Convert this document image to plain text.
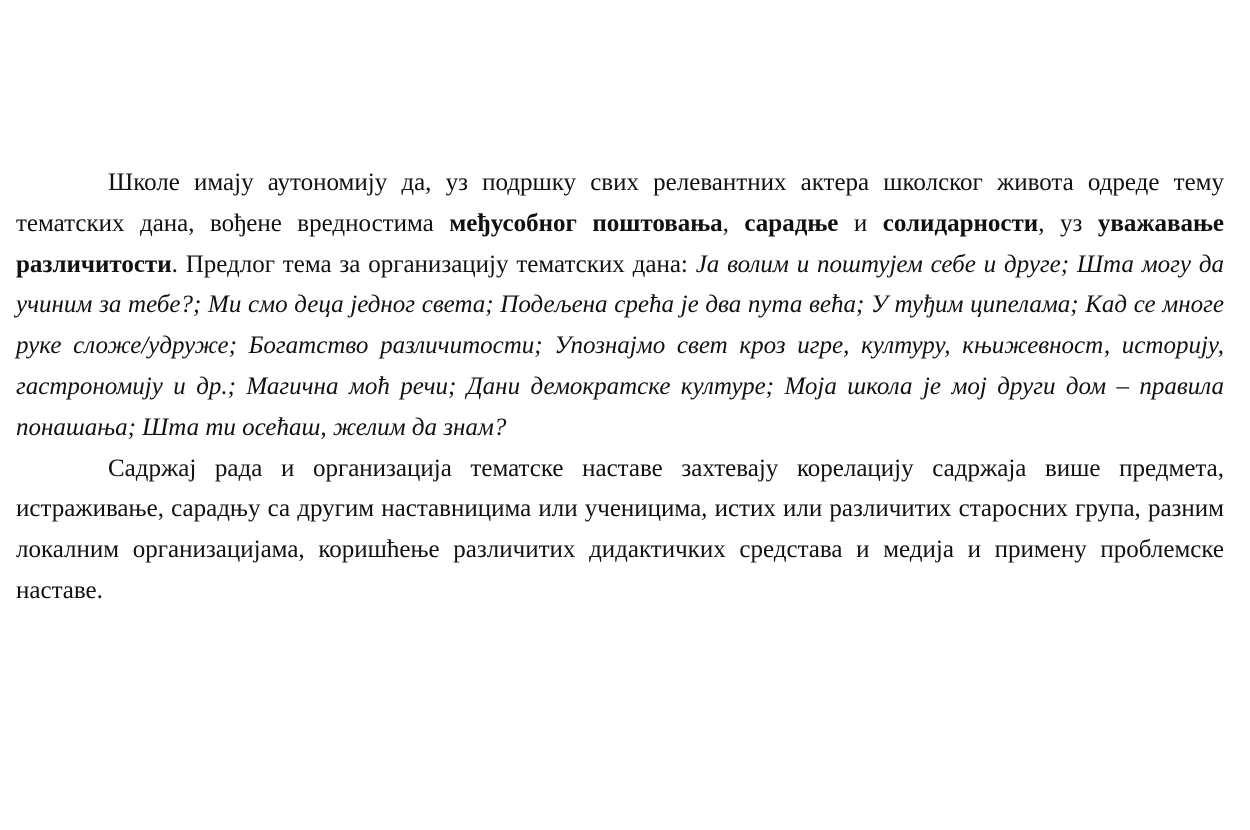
Школе имају аутономију да, уз подршку свих релевантних актера школског живота одреде тему тематских дана, вођене вредностима међусобног поштовања, сарадње и солидарности, уз уважавање различитости. Предлог тема за организацију тематских дана: Ја волим и поштујем себе и друге; Шта могу да учиним за тебе?; Ми смо деца једног света; Подељена срећа је два пута већа; У туђим ципелама; Кад се многе руке сложе/удруже; Богатство различитости; Упознајмо свет кроз игре, културу, књижевност, историју, гастрономију и др.; Магична моћ речи; Дани демократске културе; Моја школа је мој други дом – правила понашања; Шта ти осећаш, желим да знам?

Садржај рада и организација тематске наставе захтевају корелацију садржаја више предмета, истраживање, сарадњу са другим наставницима или ученицима, истих или различитих старосних група, разним локалним организацијама, коришћење различитих дидактичких средстава и медија и примену проблемске наставе.
